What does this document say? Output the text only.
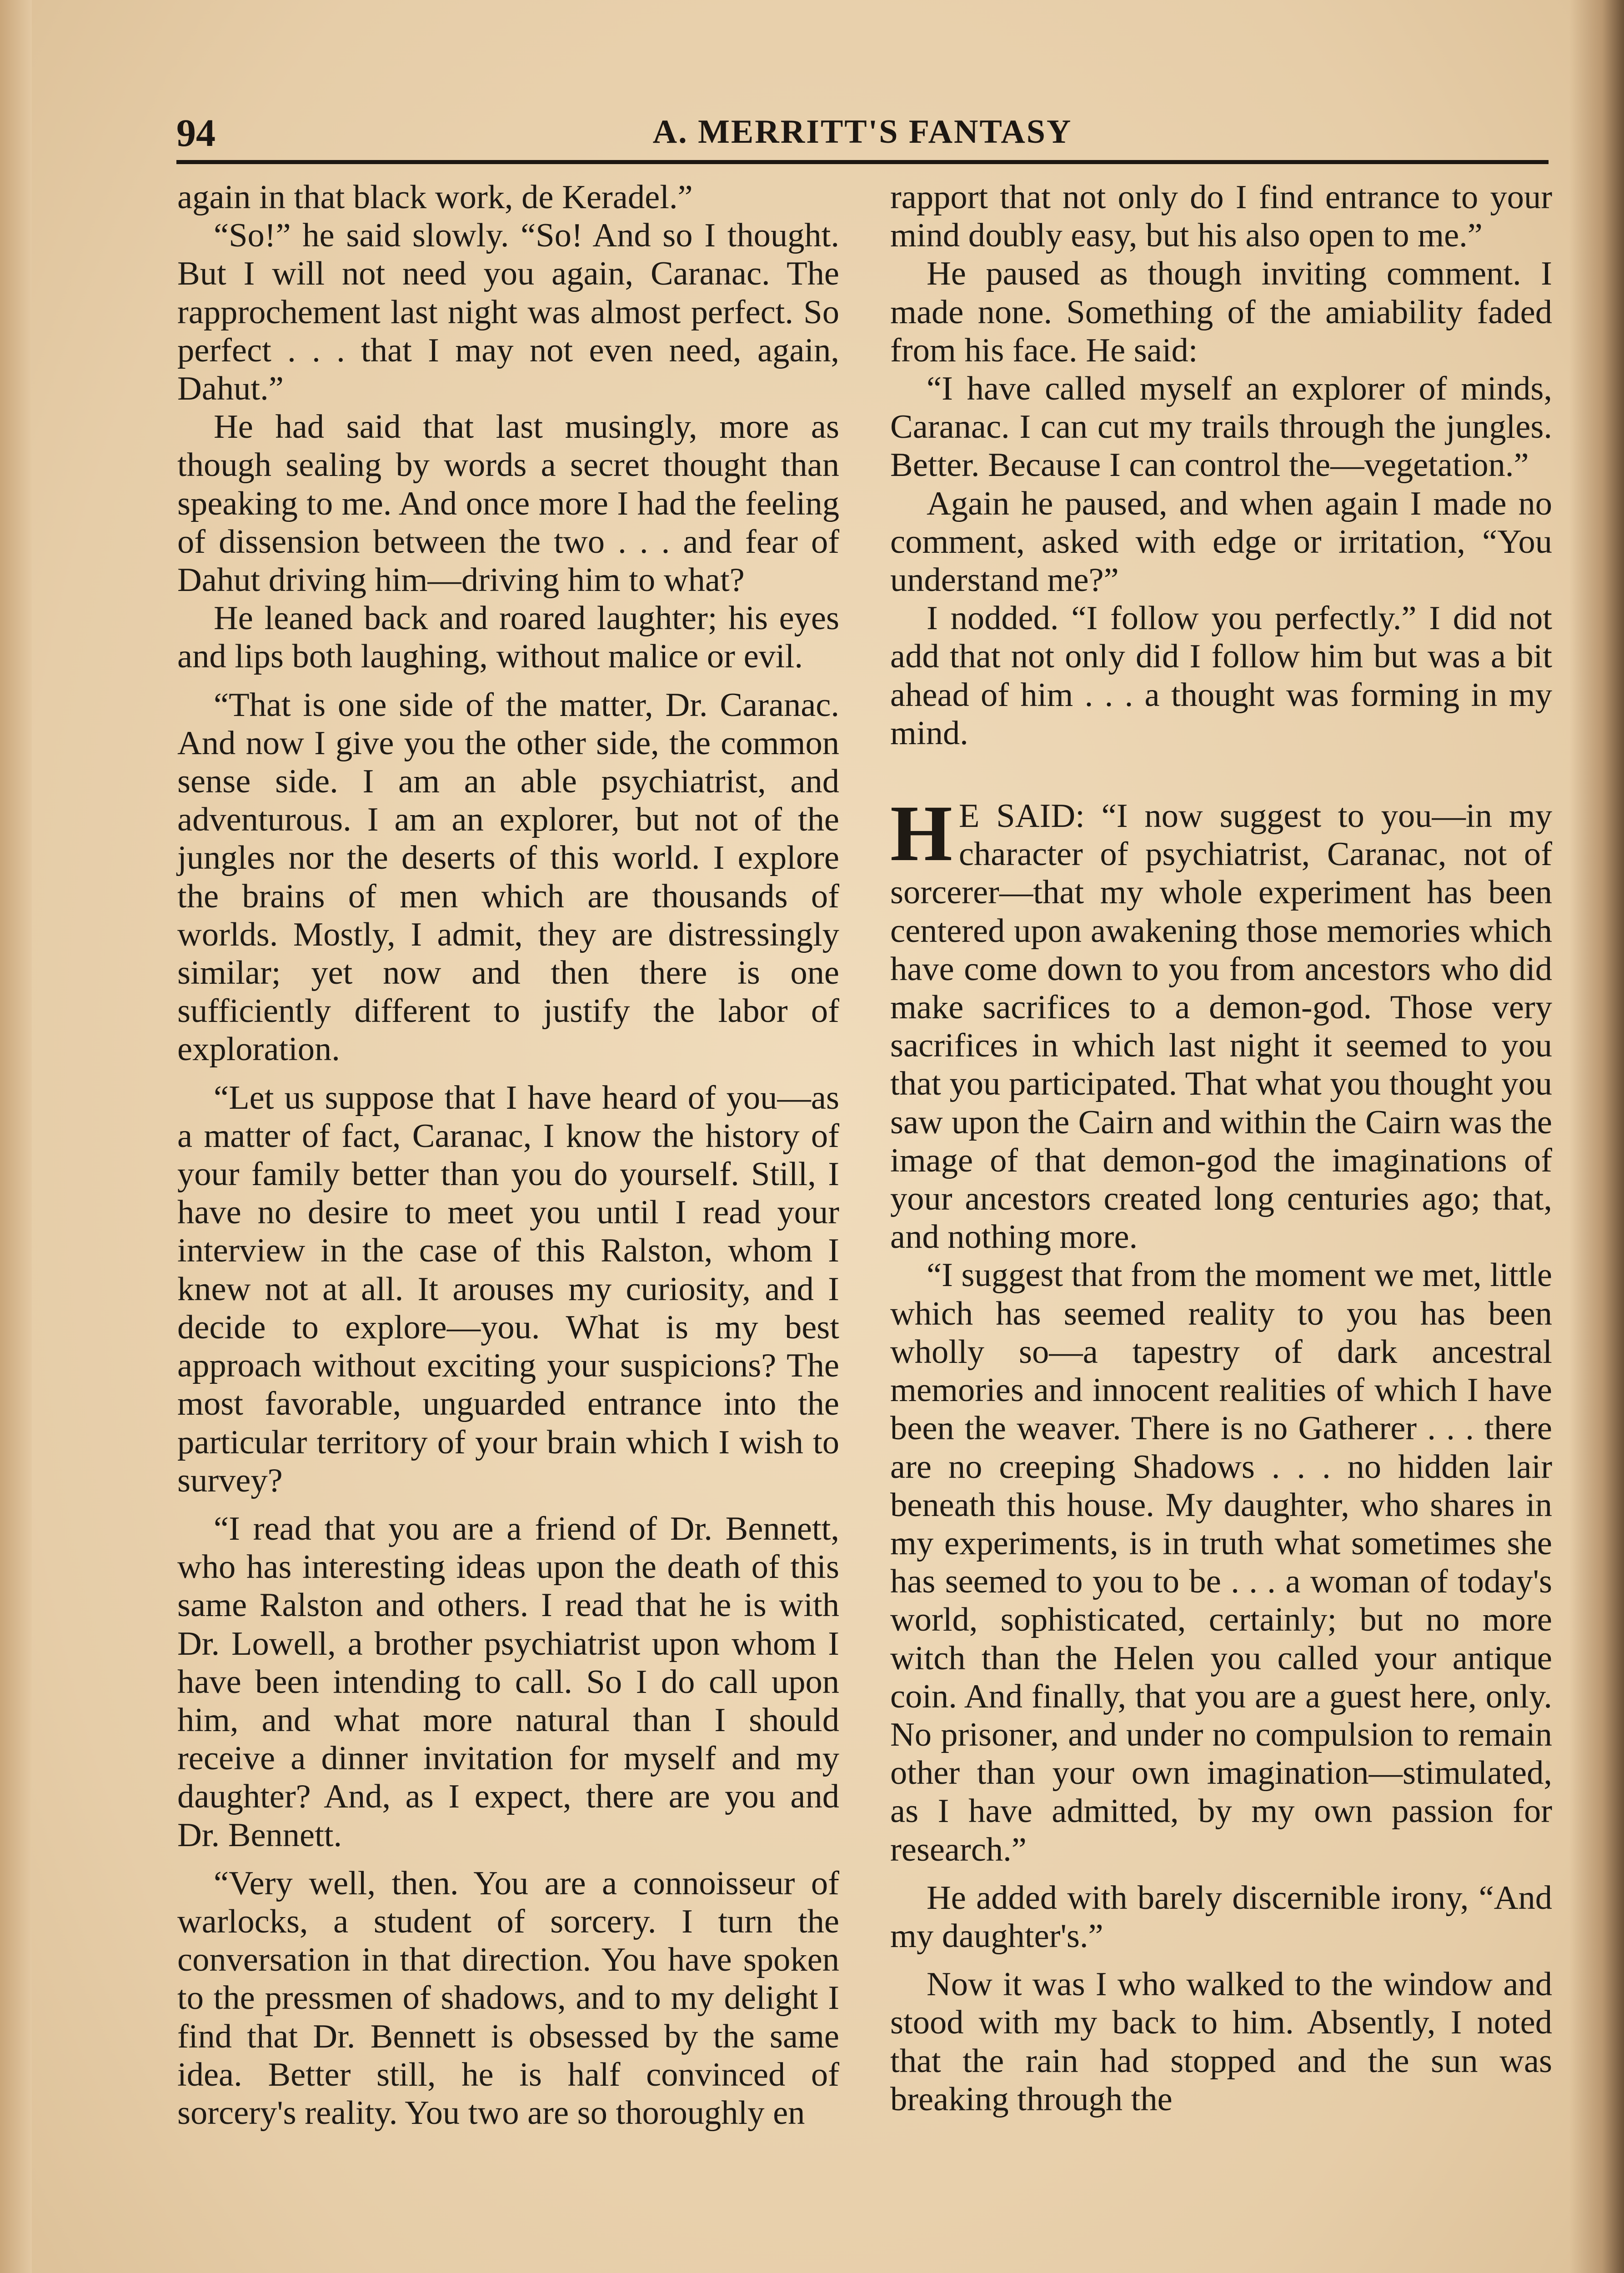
94	A. MERRITT'S FANTASY

again in that black work, de Keradel.”

“So!” he said slowly. “So! And so I thought. But I will not need you again, Caranac. The rapprochement last night was almost perfect. So perfect . . . that I may not even need, again, Dahut.”

He had said that last musingly, more as though sealing by words a secret thought than speaking to me. And once more I had the feeling of dissension between the two . . . and fear of Dahut driving him—driving him to what?

He leaned back and roared laughter; his eyes and lips both laughing, without malice or evil.

“That is one side of the matter, Dr. Caranac. And now I give you the other side, the common sense side. I am an able psychiatrist, and adventurous. I am an explorer, but not of the jungles nor the deserts of this world. I explore the brains of men which are thousands of worlds. Mostly, I admit, they are distressingly similar; yet now and then there is one sufficiently different to justify the labor of exploration.

“Let us suppose that I have heard of you—as a matter of fact, Caranac, I know the history of your family better than you do yourself. Still, I have no desire to meet you until I read your interview in the case of this Ralston, whom I knew not at all. It arouses my curiosity, and I decide to explore—you. What is my best approach without exciting your suspicions? The most favorable, unguarded entrance into the particular territory of your brain which I wish to survey?

“I read that you are a friend of Dr. Bennett, who has interesting ideas upon the death of this same Ralston and others. I read that he is with Dr. Lowell, a brother psychiatrist upon whom I have been intending to call. So I do call upon him, and what more natural than I should receive a dinner invitation for myself and my daughter? And, as I expect, there are you and Dr. Bennett.

“Very well, then. You are a connoisseur of warlocks, a student of sorcery. I turn the conversation in that direction. You have spoken to the pressmen of shadows, and to my delight I find that Dr. Bennett is obsessed by the same idea. Better still, he is half convinced of sorcery's reality. You two are so thoroughly en

rapport that not only do I find entrance to your mind doubly easy, but his also open to me.”

He paused as though inviting comment. I made none. Something of the amiability faded from his face. He said:

“I have called myself an explorer of minds, Caranac. I can cut my trails through the jungles. Better. Because I can control the—vegetation.”

Again he paused, and when again I made no comment, asked with edge or irritation, “You understand me?”

I nodded. “I follow you perfectly.” I did not add that not only did I follow him but was a bit ahead of him . . . a thought was forming in my mind.

H E SAID: “I now suggest to you—in my character of psychiatrist, Caranac, not of sorcerer—that my whole experiment has been centered upon awakening those memories which have come down to you from ancestors who did make sacrifices to a demon-god. Those very sacrifices in which last night it seemed to you that you participated. That what you thought you saw upon the Cairn and within the Cairn was the image of that demon-god the imaginations of your ancestors created long centuries ago; that, and nothing more.

“I suggest that from the moment we met, little which has seemed reality to you has been wholly so—a tapestry of dark ancestral memories and innocent realities of which I have been the weaver. There is no Gatherer . . . there are no creeping Shadows . . . no hidden lair beneath this house. My daughter, who shares in my experiments, is in truth what sometimes she has seemed to you to be . . . a woman of today's world, sophisticated, certainly; but no more witch than the Helen you called your antique coin. And finally, that you are a guest here, only. No prisoner, and under no compulsion to remain other than your own imagination—stimulated, as I have admitted, by my own passion for research.”

He added with barely discernible irony, “And my daughter's.”

Now it was I who walked to the window and stood with my back to him. Absently, I noted that the rain had stopped and the sun was breaking through the
